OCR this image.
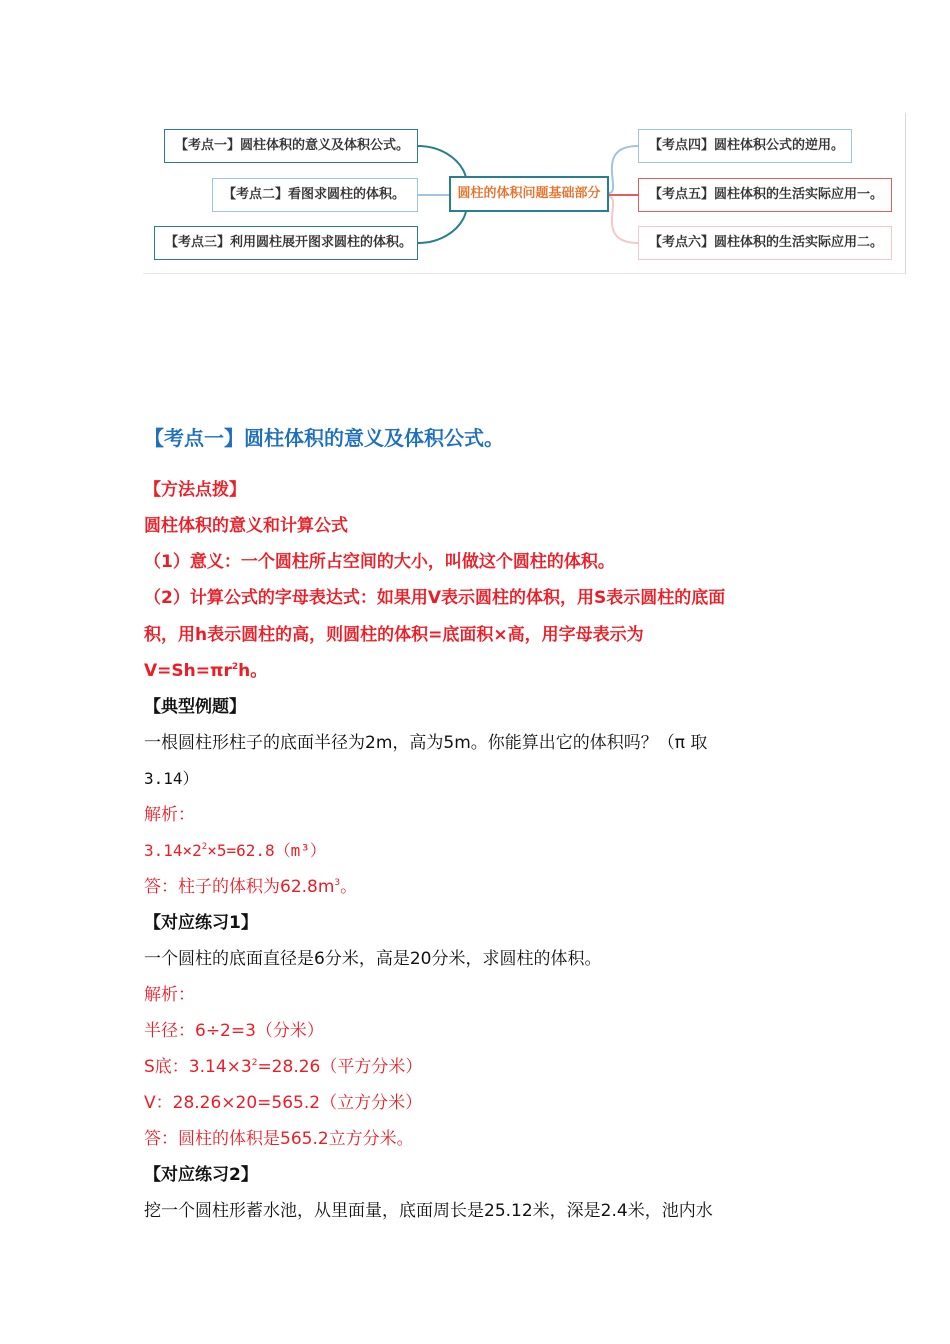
【考点一】圆柱体积的意义及体积公式。
【考点二】看图求圆柱的体积。
【考点三】利用圆柱展开图求圆柱的体积。
圆柱的体积问题基础部分
【考点四】圆柱体积公式的逆用。
【考点五】圆柱体积的生活实际应用一。
【考点六】圆柱体积的生活实际应用二。
【考点一】圆柱体积的意义及体积公式。
【方法点拨】
圆柱体积的意义和计算公式
（1）意义：一个圆柱所占空间的大小，叫做这个圆柱的体积。
（2）计算公式的字母表达式：如果用V表示圆柱的体积，用S表示圆柱的底面
积，用h表示圆柱的高，则圆柱的体积=底面积×高，用字母表示为
$V=Sh=\pi r^2h$。
【典型例题】
一根圆柱形柱子的底面半径为2m，高为5m。你能算出它的体积吗？（π 取
3.14）
解析：
$3.14\times 2^2\times 5=62.8(m^3)$
答：柱子的体积为$62.8m^3$。
【对应练习1】
一个圆柱的底面直径是6分米，高是20分米，求圆柱的体积。
解析：
半径：6÷2=3（分米）
S底：$3.14\times 3^2=28.26$（平方分米）
V：28.26×20=565.2（立方分米）
答：圆柱的体积是565.2立方分米。
【对应练习2】
挖一个圆柱形蓄水池，从里面量，底面周长是25.12米，深是2.4米，池内水
